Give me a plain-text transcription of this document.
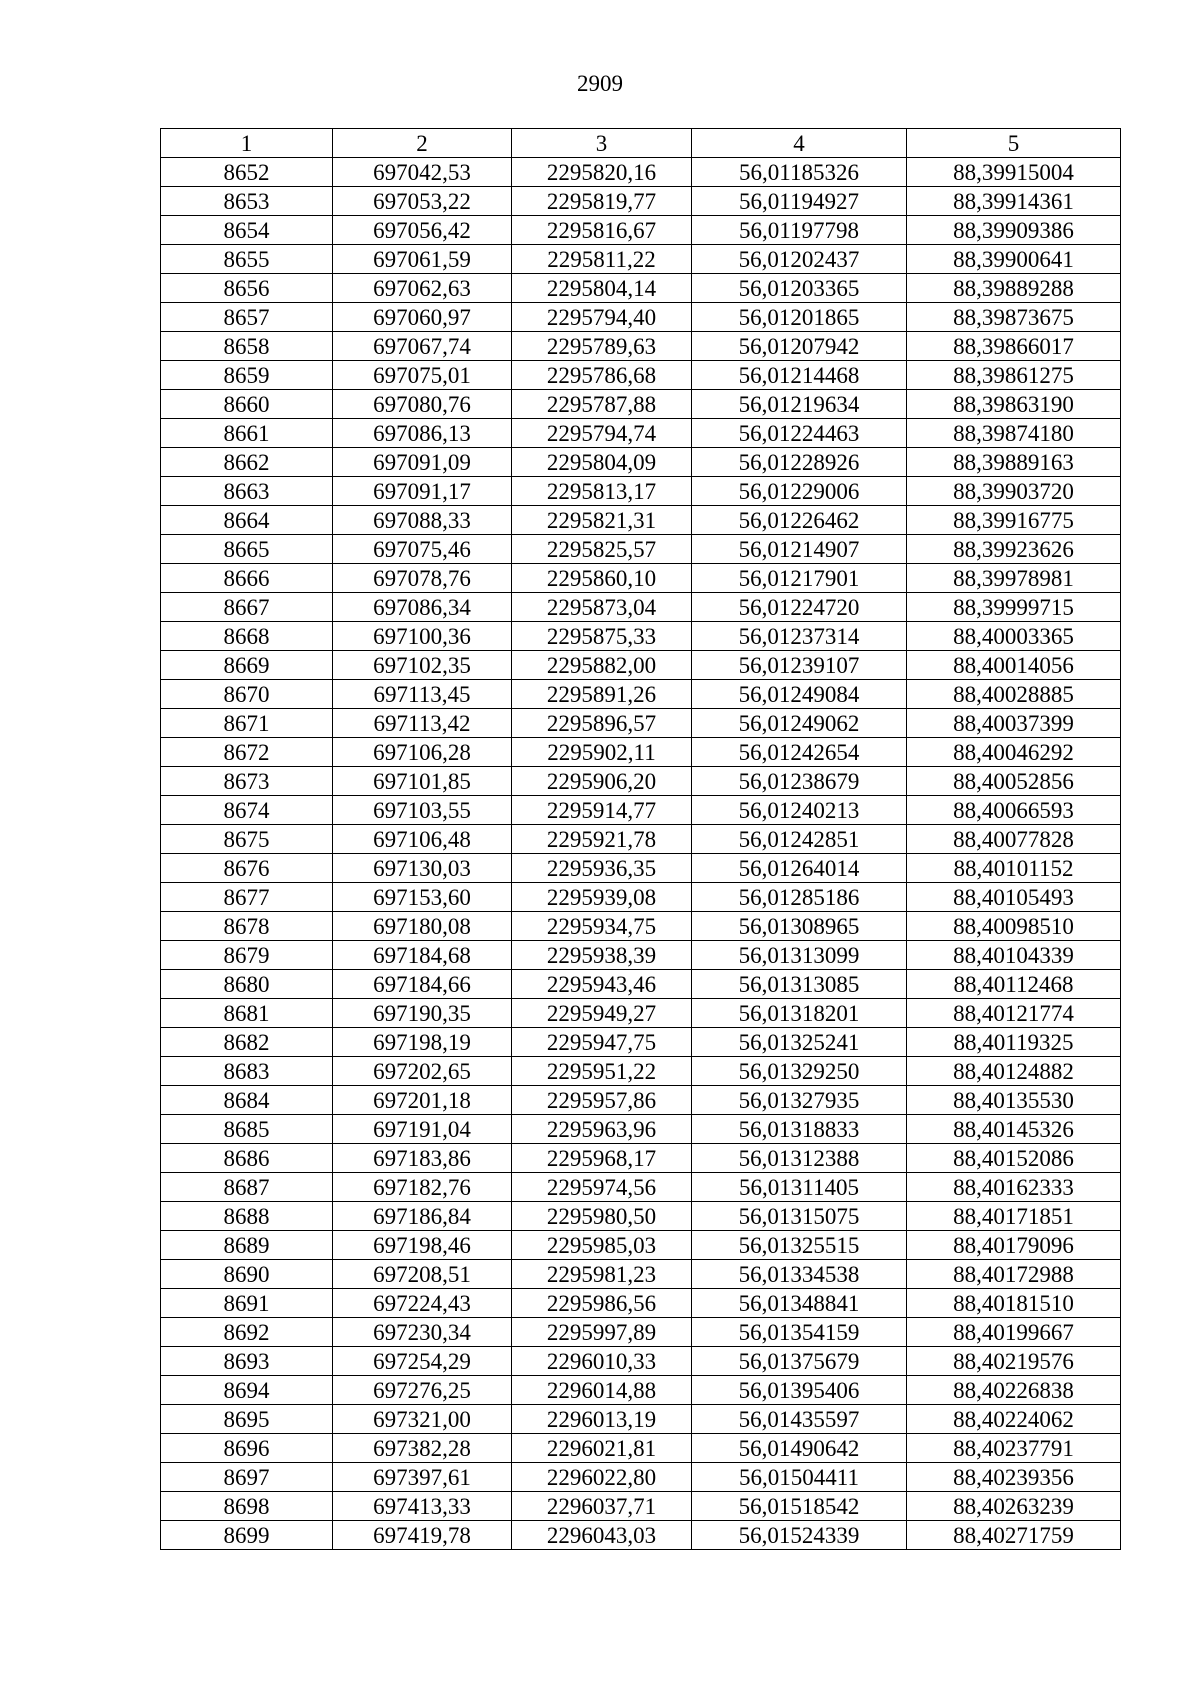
2909
1	2	3	4	5
8652	697042,53	2295820,16	56,01185326	88,39915004
8653	697053,22	2295819,77	56,01194927	88,39914361
8654	697056,42	2295816,67	56,01197798	88,39909386
8655	697061,59	2295811,22	56,01202437	88,39900641
8656	697062,63	2295804,14	56,01203365	88,39889288
8657	697060,97	2295794,40	56,01201865	88,39873675
8658	697067,74	2295789,63	56,01207942	88,39866017
8659	697075,01	2295786,68	56,01214468	88,39861275
8660	697080,76	2295787,88	56,01219634	88,39863190
8661	697086,13	2295794,74	56,01224463	88,39874180
8662	697091,09	2295804,09	56,01228926	88,39889163
8663	697091,17	2295813,17	56,01229006	88,39903720
8664	697088,33	2295821,31	56,01226462	88,39916775
8665	697075,46	2295825,57	56,01214907	88,39923626
8666	697078,76	2295860,10	56,01217901	88,39978981
8667	697086,34	2295873,04	56,01224720	88,39999715
8668	697100,36	2295875,33	56,01237314	88,40003365
8669	697102,35	2295882,00	56,01239107	88,40014056
8670	697113,45	2295891,26	56,01249084	88,40028885
8671	697113,42	2295896,57	56,01249062	88,40037399
8672	697106,28	2295902,11	56,01242654	88,40046292
8673	697101,85	2295906,20	56,01238679	88,40052856
8674	697103,55	2295914,77	56,01240213	88,40066593
8675	697106,48	2295921,78	56,01242851	88,40077828
8676	697130,03	2295936,35	56,01264014	88,40101152
8677	697153,60	2295939,08	56,01285186	88,40105493
8678	697180,08	2295934,75	56,01308965	88,40098510
8679	697184,68	2295938,39	56,01313099	88,40104339
8680	697184,66	2295943,46	56,01313085	88,40112468
8681	697190,35	2295949,27	56,01318201	88,40121774
8682	697198,19	2295947,75	56,01325241	88,40119325
8683	697202,65	2295951,22	56,01329250	88,40124882
8684	697201,18	2295957,86	56,01327935	88,40135530
8685	697191,04	2295963,96	56,01318833	88,40145326
8686	697183,86	2295968,17	56,01312388	88,40152086
8687	697182,76	2295974,56	56,01311405	88,40162333
8688	697186,84	2295980,50	56,01315075	88,40171851
8689	697198,46	2295985,03	56,01325515	88,40179096
8690	697208,51	2295981,23	56,01334538	88,40172988
8691	697224,43	2295986,56	56,01348841	88,40181510
8692	697230,34	2295997,89	56,01354159	88,40199667
8693	697254,29	2296010,33	56,01375679	88,40219576
8694	697276,25	2296014,88	56,01395406	88,40226838
8695	697321,00	2296013,19	56,01435597	88,40224062
8696	697382,28	2296021,81	56,01490642	88,40237791
8697	697397,61	2296022,80	56,01504411	88,40239356
8698	697413,33	2296037,71	56,01518542	88,40263239
8699	697419,78	2296043,03	56,01524339	88,40271759
